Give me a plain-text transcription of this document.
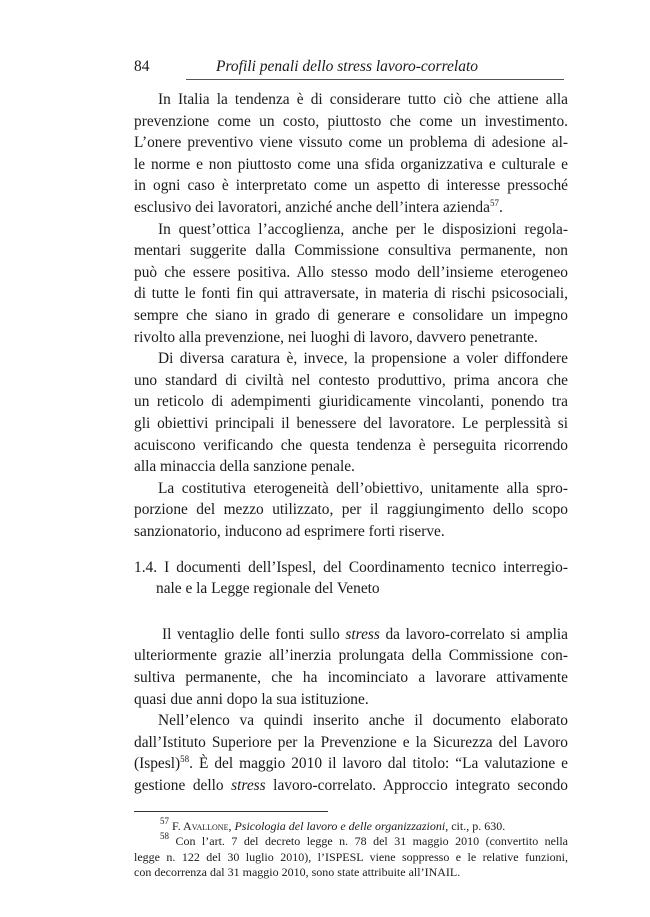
84	Profili penali dello stress lavoro-correlato
In Italia la tendenza è di considerare tutto ciò che attiene alla
prevenzione come un costo, piuttosto che come un investimento.
L’onere preventivo viene vissuto come un problema di adesione al-
le norme e non piuttosto come una sfida organizzativa e culturale e
in ogni caso è interpretato come un aspetto di interesse pressoché
esclusivo dei lavoratori, anziché anche dell’intera azienda$^{57}$.
In quest’ottica l’accoglienza, anche per le disposizioni regola-
mentari suggerite dalla Commissione consultiva permanente, non
può che essere positiva. Allo stesso modo dell’insieme eterogeneo
di tutte le fonti fin qui attraversate, in materia di rischi psicosociali,
sempre che siano in grado di generare e consolidare un impegno
rivolto alla prevenzione, nei luoghi di lavoro, davvero penetrante.
Di diversa caratura è, invece, la propensione a voler diffondere
uno standard di civiltà nel contesto produttivo, prima ancora che
un reticolo di adempimenti giuridicamente vincolanti, ponendo tra
gli obiettivi principali il benessere del lavoratore. Le perplessità si
acuiscono verificando che questa tendenza è perseguita ricorrendo
alla minaccia della sanzione penale.
La costitutiva eterogeneità dell’obiettivo, unitamente alla spro-
porzione del mezzo utilizzato, per il raggiungimento dello scopo
sanzionatorio, inducono ad esprimere forti riserve.
1.4. I documenti dell’Ispesl, del Coordinamento tecnico interregio-
nale e la Legge regionale del Veneto
Il ventaglio delle fonti sullo stress da lavoro-correlato si amplia
ulteriormente grazie all’inerzia prolungata della Commissione con-
sultiva permanente, che ha incominciato a lavorare attivamente
quasi due anni dopo la sua istituzione.
Nell’elenco va quindi inserito anche il documento elaborato
dall’Istituto Superiore per la Prevenzione e la Sicurezza del Lavoro
(Ispesl)$^{58}$. È del maggio 2010 il lavoro dal titolo: “La valutazione e
gestione dello stress lavoro-correlato. Approccio integrato secondo
$^{57}$ F. Avallone, Psicologia del lavoro e delle organizzazioni, cit., p. 630.
$^{58}$ Con l’art. 7 del decreto legge n. 78 del 31 maggio 2010 (convertito nella
legge n. 122 del 30 luglio 2010), l’ISPESL viene soppresso e le relative funzioni,
con decorrenza dal 31 maggio 2010, sono state attribuite all’INAIL.
